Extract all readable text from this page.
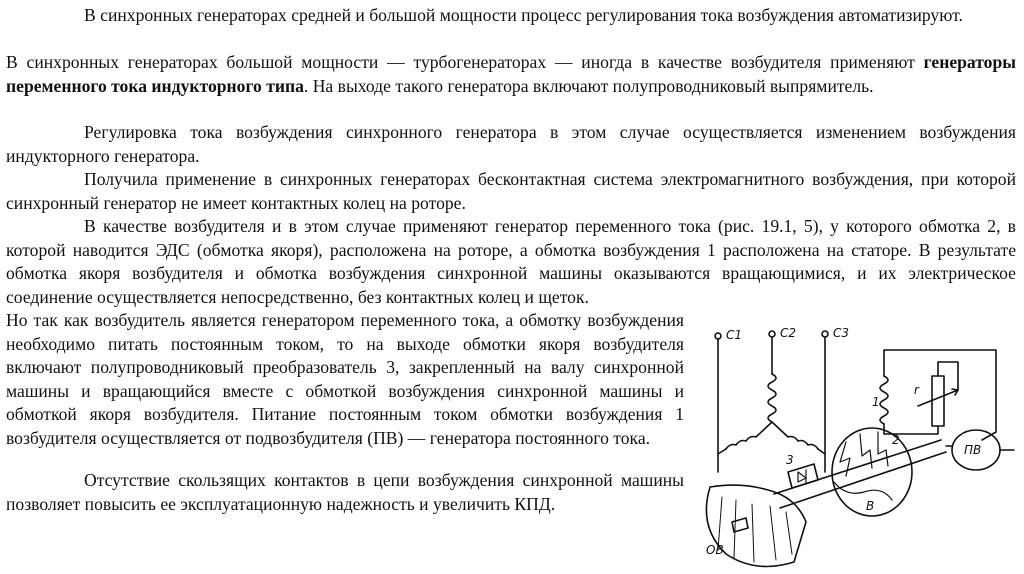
В синхронных генераторах средней и большой мощности процесс регулирования тока возбуждения автоматизируют.

В синхронных генераторах большой мощности — турбогенераторах — иногда в качестве возбудителя применяют генераторы переменного тока индукторного типа. На выходе такого генератора включают полупроводниковый выпрямитель.

Регулировка тока возбуждения синхронного генератора в этом случае осуществляется изменением возбуждения индукторного генератора.

Получила применение в синхронных генераторах бесконтактная система электромагнитного возбуждения, при которой синхронный генератор не имеет контактных колец на роторе.

В качестве возбудителя и в этом случае применяют генератор переменного тока (рис. 19.1, 5), у которого обмотка 2, в которой наводится ЭДС (обмотка якоря), расположена на роторе, а обмотка возбуждения 1 расположена на статоре. В результате обмотка якоря возбудителя и обмотка возбуждения синхронной машины оказываются вращающимися, и их электрическое соединение осуществляется непосредственно, без контактных колец и щеток.

Но так как возбудитель является генератором переменного тока, а обмотку возбуждения необходимо питать постоянным током, то на выходе обмотки якоря возбудителя включают полупроводниковый преобразователь 3, закрепленный на валу синхронной машины и вращающийся вместе с обмоткой возбуждения синхронной машины и обмоткой якоря возбудителя. Питание постоянным током обмотки возбуждения 1 возбудителя осуществляется от подвозбудителя (ПВ) — генератора постоянного тока.

Отсутствие скользящих контактов в цепи возбуждения синхронной машины позволяет повысить ее эксплуатационную надежность и увеличить КПД.

C1	C2	C3
ОВ
3
В
2
1
r
ПВ
